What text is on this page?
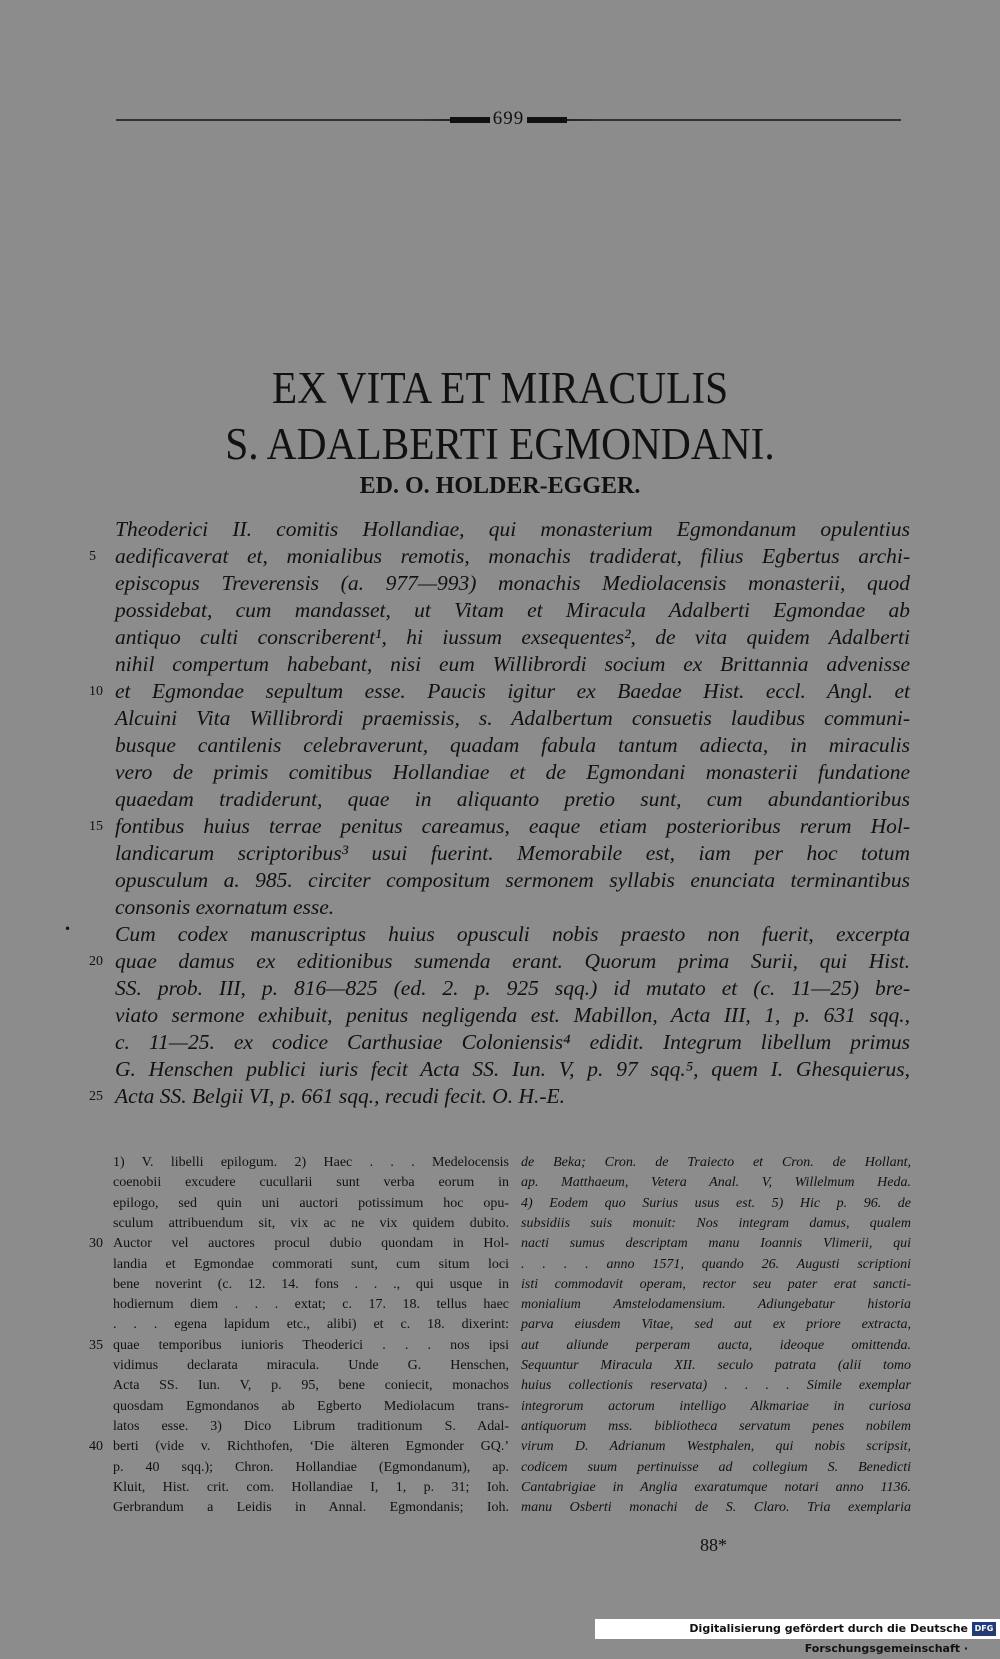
699
EX VITA ET MIRACULIS
S. ADALBERTI EGMONDANI.
ED. O. HOLDER-EGGER.
•
Theoderici II. comitis Hollandiae, qui monasterium Egmondanum opulentius
aedificaverat et, monialibus remotis, monachis tradiderat, filius Egbertus archi-
5
episcopus Treverensis (a. 977—993) monachis Mediolacensis monasterii, quod
possidebat, cum mandasset, ut Vitam et Miracula Adalberti Egmondae ab
antiquo culti conscriberent¹, hi iussum exsequentes², de vita quidem Adalberti
nihil compertum habebant, nisi eum Willibrordi socium ex Brittannia advenisse
et Egmondae sepultum esse. Paucis igitur ex Baedae Hist. eccl. Angl. et
10
Alcuini Vita Willibrordi praemissis, s. Adalbertum consuetis laudibus communi-
busque cantilenis celebraverunt, quadam fabula tantum adiecta, in miraculis
vero de primis comitibus Hollandiae et de Egmondani monasterii fundatione
quaedam tradiderunt, quae in aliquanto pretio sunt, cum abundantioribus
fontibus huius terrae penitus careamus, eaque etiam posterioribus rerum Hol-
15
landicarum scriptoribus³ usui fuerint. Memorabile est, iam per hoc totum
opusculum a. 985. circiter compositum sermonem syllabis enunciata terminantibus
consonis exornatum esse.
Cum codex manuscriptus huius opusculi nobis praesto non fuerit, excerpta
quae damus ex editionibus sumenda erant. Quorum prima Surii, qui Hist.
20
SS. prob. III, p. 816—825 (ed. 2. p. 925 sqq.) id mutato et (c. 11—25) bre-
viato sermone exhibuit, penitus negligenda est. Mabillon, Acta III, 1, p. 631 sqq.,
c. 11—25. ex codice Carthusiae Coloniensis⁴ edidit. Integrum libellum primus
G. Henschen publici iuris fecit Acta SS. Iun. V, p. 97 sqq.⁵, quem I. Ghesquierus,
Acta SS. Belgii VI, p. 661 sqq., recudi fecit. O. H.-E.
25
1) V. libelli epilogum. 2) Haec . . . Medelocensis
coenobii excudere cucullarii sunt verba eorum in
epilogo, sed quin uni auctori potissimum hoc opu-
sculum attribuendum sit, vix ac ne vix quidem dubito.
Auctor vel auctores procul dubio quondam in Hol-
30
landia et Egmondae commorati sunt, cum situm loci
bene noverint (c. 12. 14. fons . . ., qui usque in
hodiernum diem . . . extat; c. 17. 18. tellus haec
. . . egena lapidum etc., alibi) et c. 18. dixerint:
quae temporibus iunioris Theoderici . . . nos ipsi
35
vidimus declarata miracula. Unde G. Henschen,
Acta SS. Iun. V, p. 95, bene coniecit, monachos
quosdam Egmondanos ab Egberto Mediolacum trans-
latos esse. 3) Dico Librum traditionum S. Adal-
berti (vide v. Richthofen, ‘Die älteren Egmonder GQ.’
40
p. 40 sqq.); Chron. Hollandiae (Egmondanum), ap.
Kluit, Hist. crit. com. Hollandiae I, 1, p. 31; Ioh.
Gerbrandum a Leidis in Annal. Egmondanis; Ioh.
de Beka; Cron. de Traiecto et Cron. de Hollant,
ap. Matthaeum, Vetera Anal. V, Willelmum Heda.
4) Eodem quo Surius usus est. 5) Hic p. 96. de
subsidiis suis monuit: Nos integram damus, qualem
nacti sumus descriptam manu Ioannis Vlimerii, qui
. . . . anno 1571, quando 26. Augusti scriptioni
isti commodavit operam, rector seu pater erat sancti-
monialium Amstelodamensium. Adiungebatur historia
parva eiusdem Vitae, sed aut ex priore extracta,
aut aliunde perperam aucta, ideoque omittenda.
Sequuntur Miracula XII. seculo patrata (alii tomo
huius collectionis reservata) . . . . Simile exemplar
integrorum actorum intelligo Alkmariae in curiosa
antiquorum mss. bibliotheca servatum penes nobilem
virum D. Adrianum Westphalen, qui nobis scripsit,
codicem suum pertinuisse ad collegium S. Benedicti
Cantabrigiae in Anglia exaratumque notari anno 1136.
manu Osberti monachi de S. Claro. Tria exemplaria
88*
Digitalisierung gefördert durch die Deutsche Forschungsgemeinschaft ·
DFG
